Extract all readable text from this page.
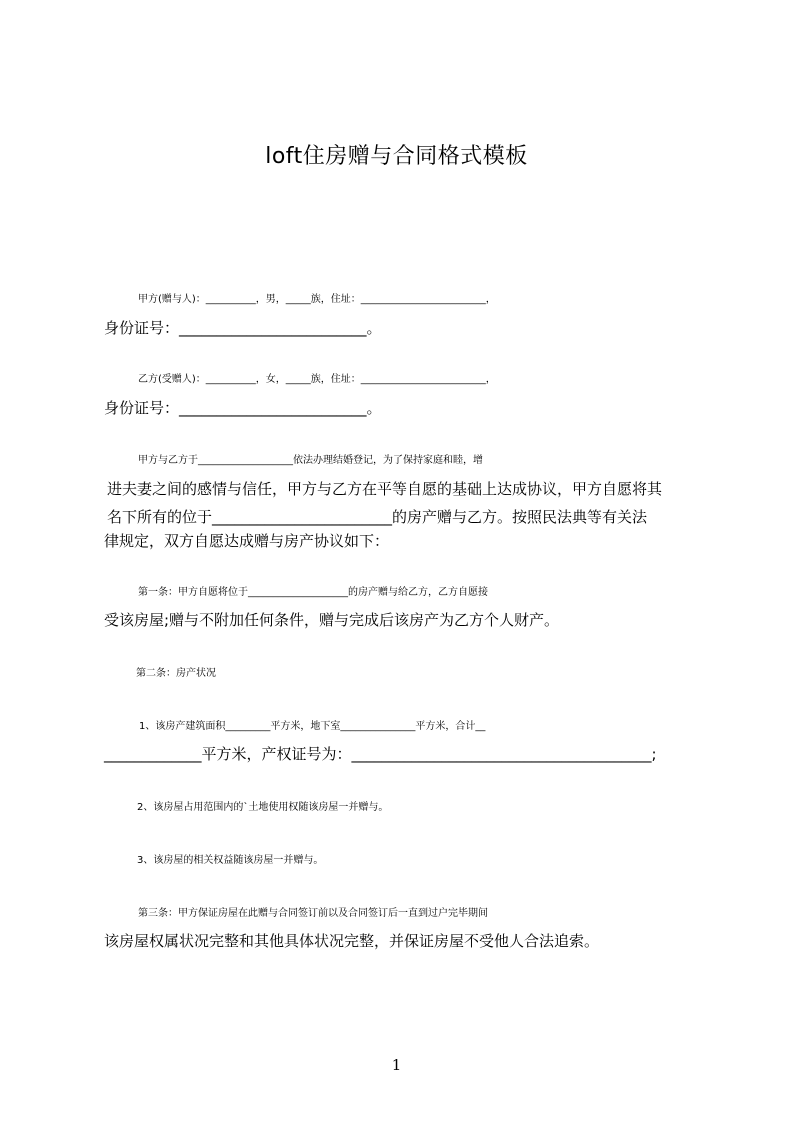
loft住房赠与合同格式模板
甲方(赠与人)：__________，男，_____族，住址：_________________________，
身份证号：_________________________。
乙方(受赠人)：__________，女，_____族，住址：_________________________，
身份证号：_________________________。
甲方与乙方于___________________依法办理结婚登记，为了保持家庭和睦，增
进夫妻之间的感情与信任，甲方与乙方在平等自愿的基础上达成协议，甲方自愿将其
名下所有的位于________________________的房产赠与乙方。按照民法典等有关法
律规定，双方自愿达成赠与房产协议如下：
第一条：甲方自愿将位于____________________的房产赠与给乙方，乙方自愿接
受该房屋;赠与不附加任何条件，赠与完成后该房产为乙方个人财产。
第二条：房产状况
1、该房产建筑面积_________平方米，地下室_______________平方米，合计__
_____________平方米，产权证号为：________________________________________;
2、该房屋占用范围内的`土地使用权随该房屋一并赠与。
3、该房屋的相关权益随该房屋一并赠与。
第三条：甲方保证房屋在此赠与合同签订前以及合同签订后一直到过户完毕期间
该房屋权属状况完整和其他具体状况完整，并保证房屋不受他人合法追索。
1
